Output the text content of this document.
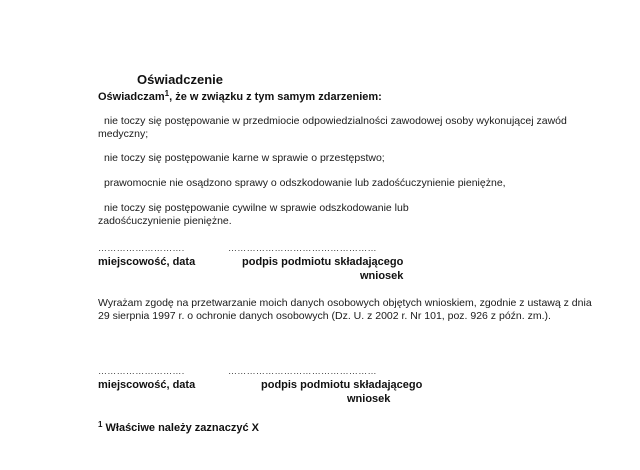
Oświadczenie
Oświadczam$^1$, że w związku z tym samym zdarzeniem:
nie toczy się postępowanie w przedmiocie odpowiedzialności zawodowej osoby wykonującej zawód medyczny;
nie toczy się postępowanie karne w sprawie o przestępstwo;
prawomocnie nie osądzono sprawy o odszkodowanie lub zadośćuczynienie pieniężne,
nie toczy się postępowanie cywilne w sprawie odszkodowanie lub zadośćuczynienie pieniężne.
……………………….	…………………………………………
miejscowość, data	podpis podmiotu składającego
wniosek
Wyrażam zgodę na przetwarzanie moich danych osobowych objętych wnioskiem, zgodnie z ustawą z dnia 29 sierpnia 1997 r. o ochronie danych osobowych (Dz. U. z 2002 r. Nr 101, poz. 926 z późn. zm.).
……………………….	…………………………………………
miejscowość, data	podpis podmiotu składającego
wniosek
$^1$ Właściwe należy zaznaczyć X
